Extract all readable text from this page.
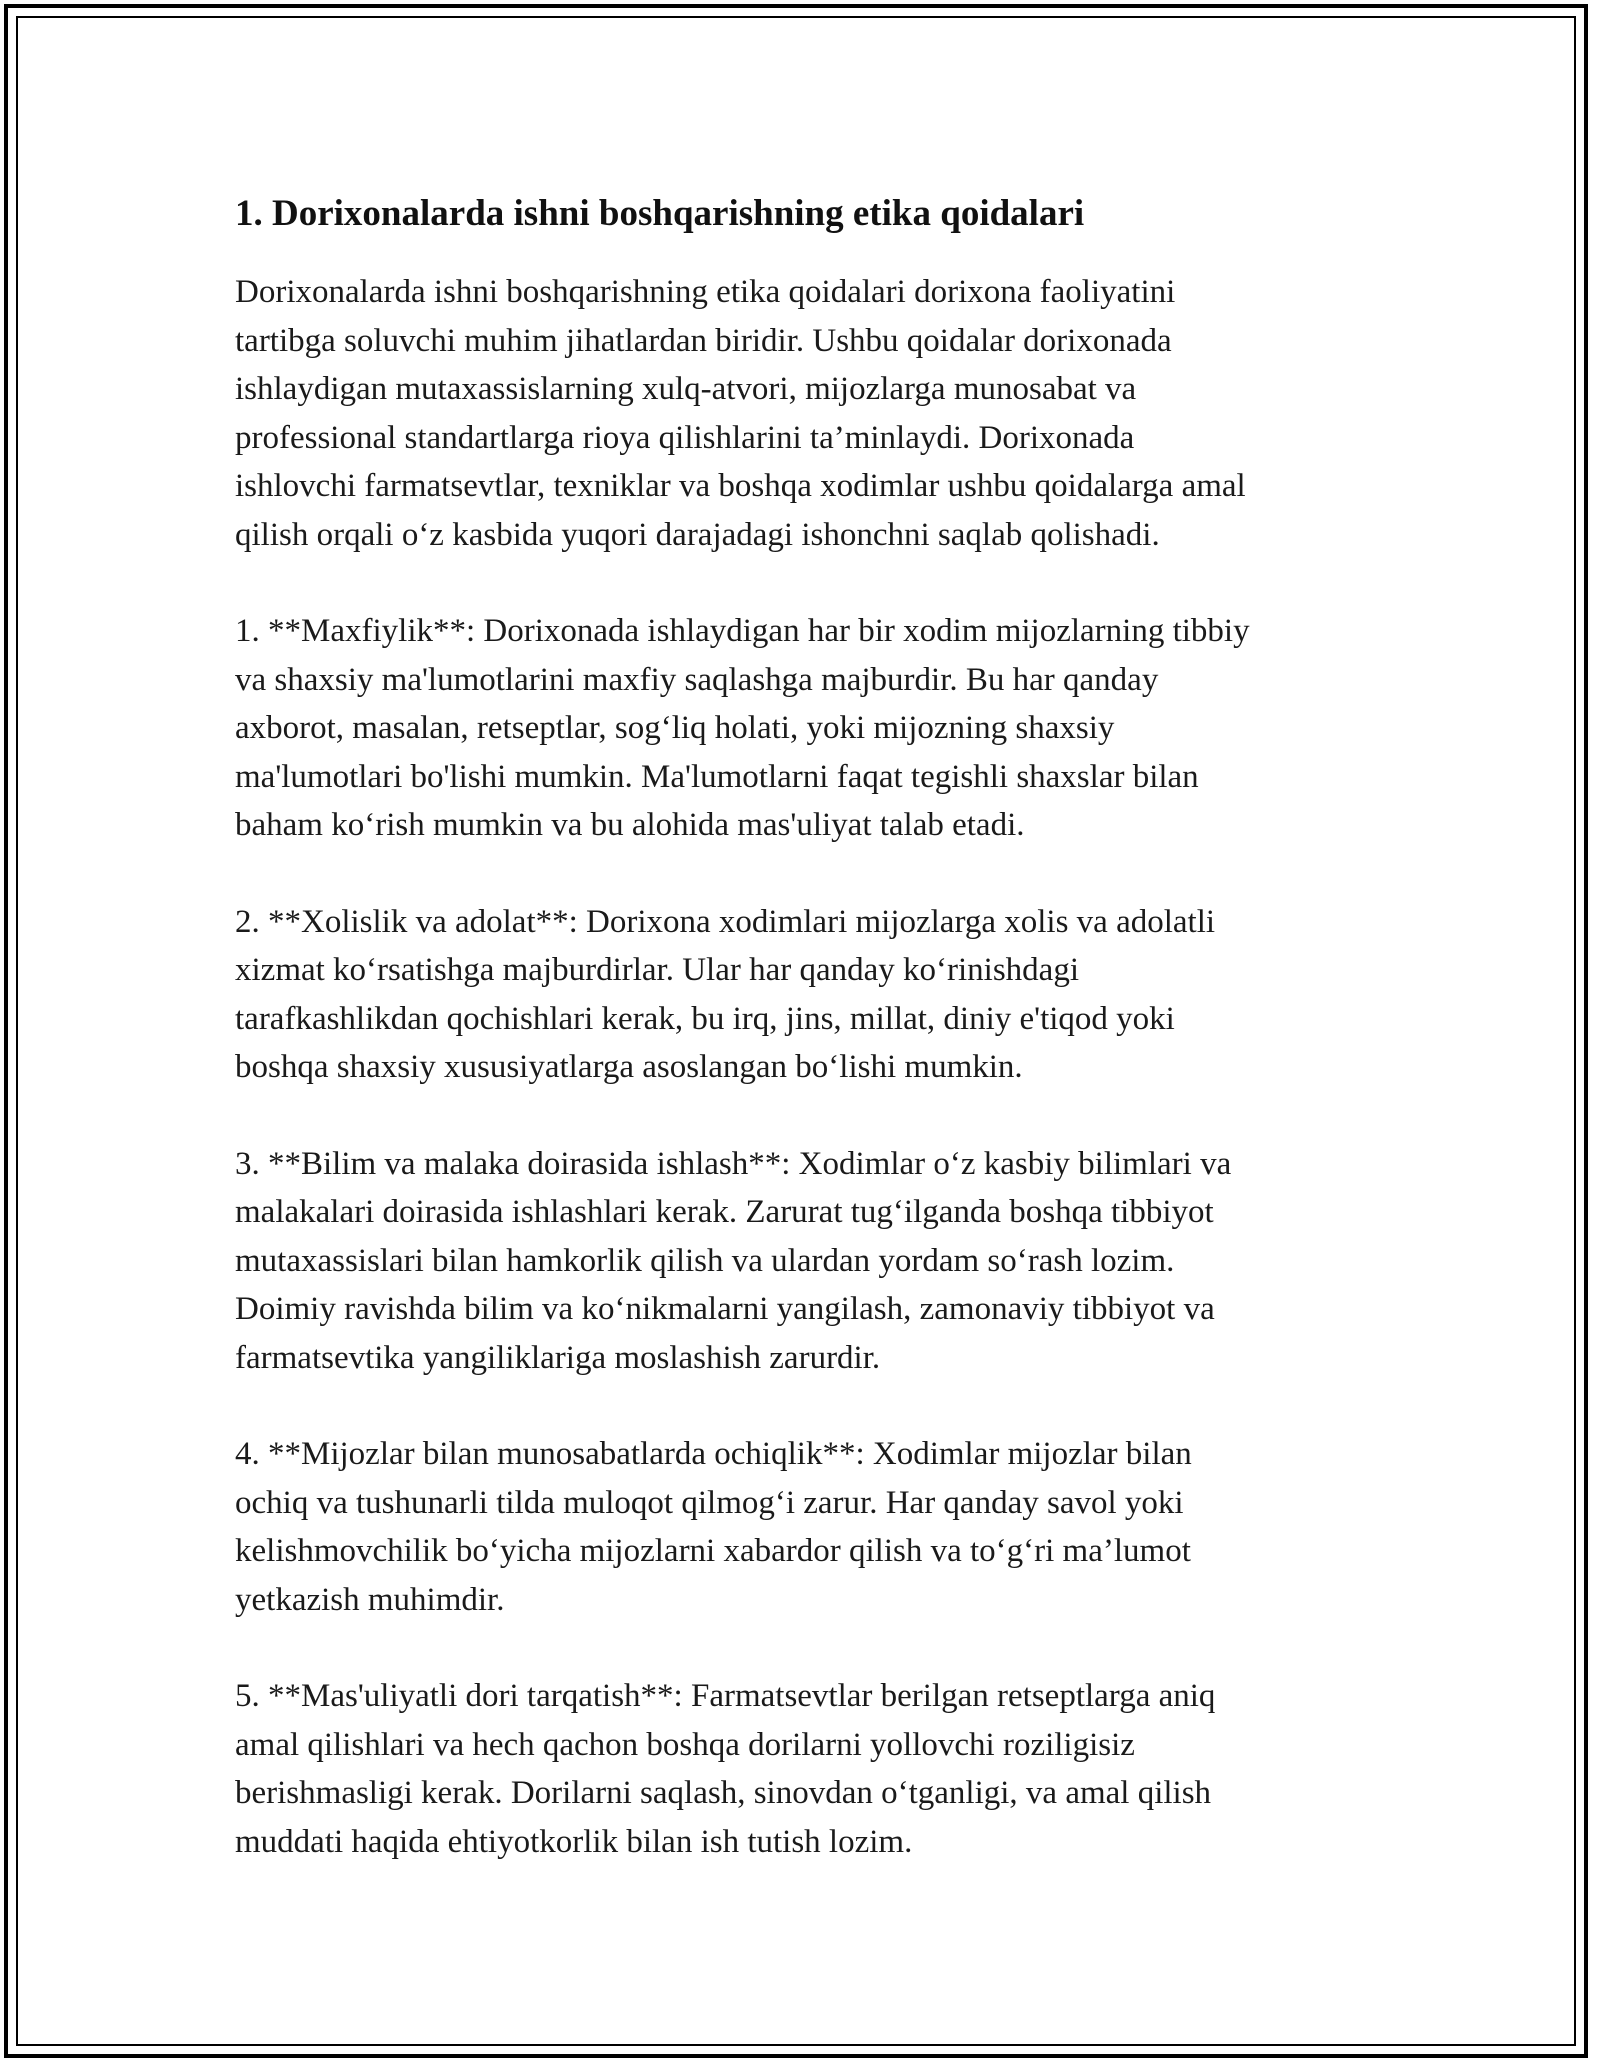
1. Dorixonalarda ishni boshqarishning etika qoidalari

Dorixonalarda ishni boshqarishning etika qoidalari dorixona faoliyatini
tartibga soluvchi muhim jihatlardan biridir. Ushbu qoidalar dorixonada
ishlaydigan mutaxassislarning xulq-atvori, mijozlarga munosabat va
professional standartlarga rioya qilishlarini ta’minlaydi. Dorixonada
ishlovchi farmatsevtlar, texniklar va boshqa xodimlar ushbu qoidalarga amal
qilish orqali o‘z kasbida yuqori darajadagi ishonchni saqlab qolishadi.

1. **Maxfiylik**: Dorixonada ishlaydigan har bir xodim mijozlarning tibbiy
va shaxsiy ma'lumotlarini maxfiy saqlashga majburdir. Bu har qanday
axborot, masalan, retseptlar, sog‘liq holati, yoki mijozning shaxsiy
ma'lumotlari bo'lishi mumkin. Ma'lumotlarni faqat tegishli shaxslar bilan
baham ko‘rish mumkin va bu alohida mas'uliyat talab etadi.

2. **Xolislik va adolat**: Dorixona xodimlari mijozlarga xolis va adolatli
xizmat ko‘rsatishga majburdirlar. Ular har qanday ko‘rinishdagi
tarafkashlikdan qochishlari kerak, bu irq, jins, millat, diniy e'tiqod yoki
boshqa shaxsiy xususiyatlarga asoslangan bo‘lishi mumkin.

3. **Bilim va malaka doirasida ishlash**: Xodimlar o‘z kasbiy bilimlari va
malakalari doirasida ishlashlari kerak. Zarurat tug‘ilganda boshqa tibbiyot
mutaxassislari bilan hamkorlik qilish va ulardan yordam so‘rash lozim.
Doimiy ravishda bilim va ko‘nikmalarni yangilash, zamonaviy tibbiyot va
farmatsevtika yangiliklariga moslashish zarurdir.

4. **Mijozlar bilan munosabatlarda ochiqlik**: Xodimlar mijozlar bilan
ochiq va tushunarli tilda muloqot qilmog‘i zarur. Har qanday savol yoki
kelishmovchilik bo‘yicha mijozlarni xabardor qilish va to‘g‘ri ma’lumot
yetkazish muhimdir.

5. **Mas'uliyatli dori tarqatish**: Farmatsevtlar berilgan retseptlarga aniq
amal qilishlari va hech qachon boshqa dorilarni yollovchi roziligisiz
berishmasligi kerak. Dorilarni saqlash, sinovdan o‘tganligi, va amal qilish
muddati haqida ehtiyotkorlik bilan ish tutish lozim.
